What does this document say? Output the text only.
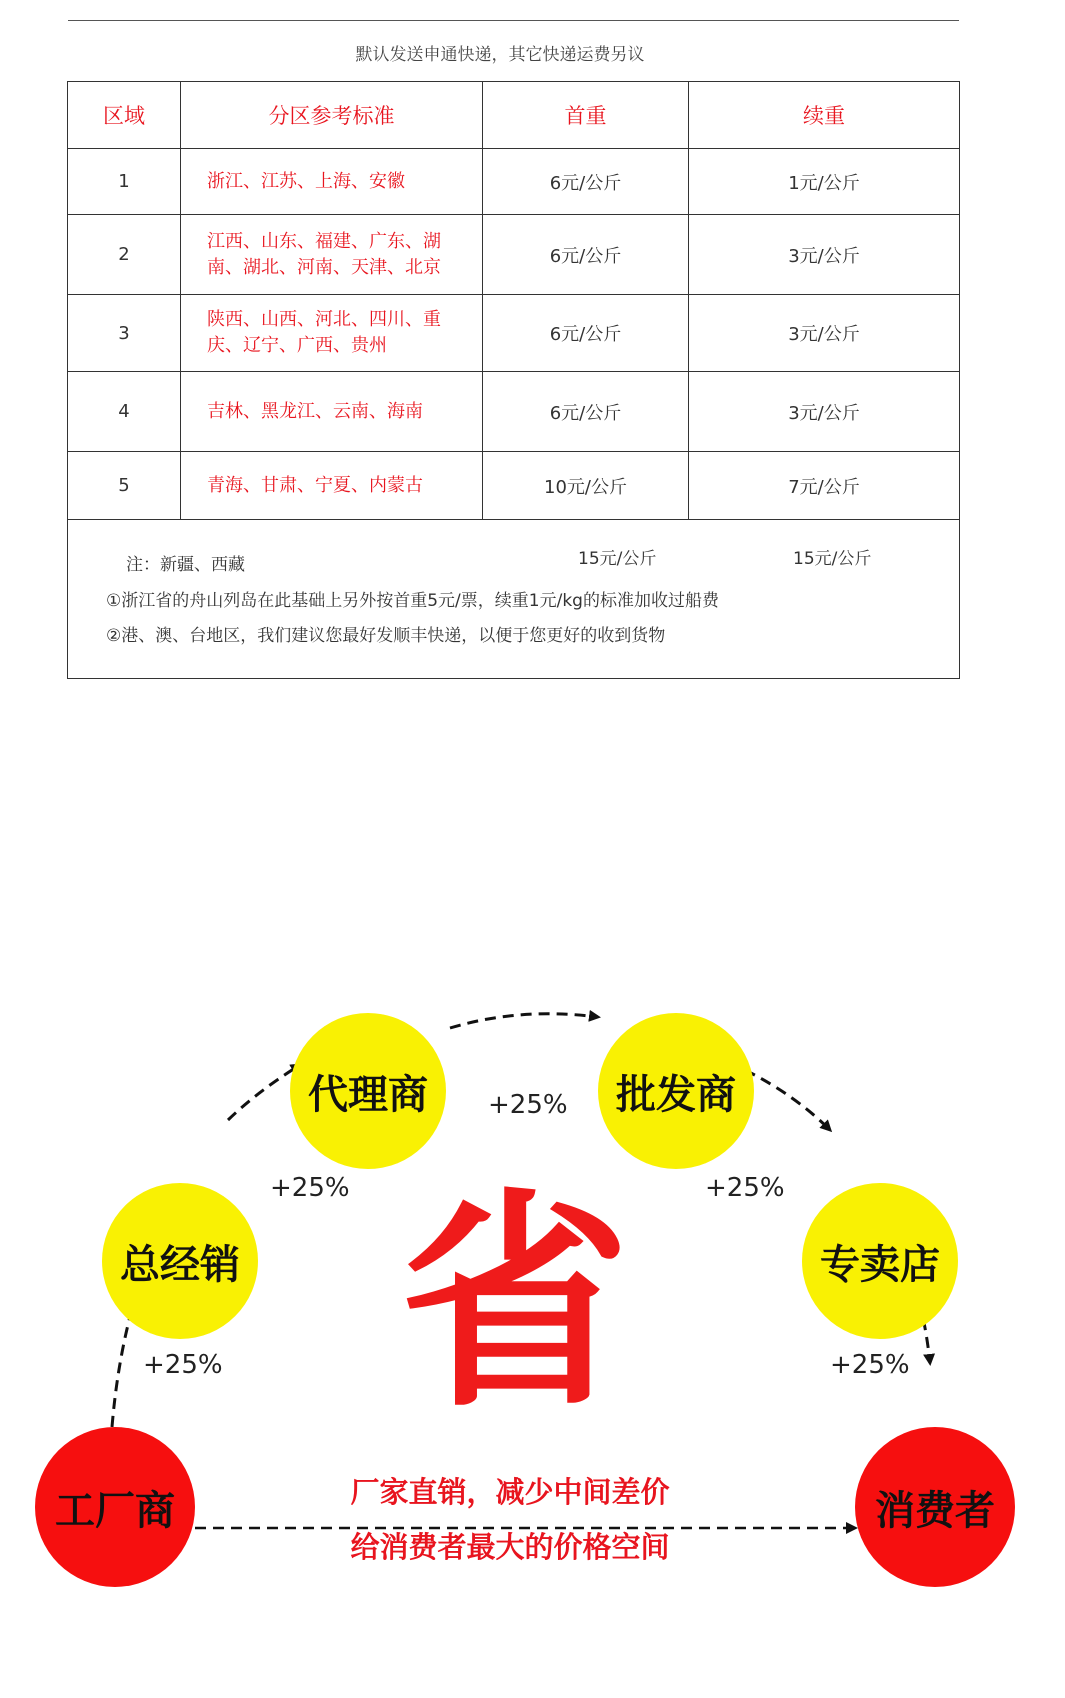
默认发送申通快递，其它快递运费另议
区域	分区参考标准	首重	续重
1	浙江、江苏、上海、安徽	6元/公斤	1元/公斤
2	江西、山东、福建、广东、湖南、湖北、河南、天津、北京	6元/公斤	3元/公斤
3	陕西、山西、河北、四川、重庆、辽宁、广西、贵州	6元/公斤	3元/公斤
4	吉林、黑龙江、云南、海南	6元/公斤	3元/公斤
5	青海、甘肃、宁夏、内蒙古	10元/公斤	7元/公斤

注：新疆、西藏 15元/公斤 15元/公斤
①浙江省的舟山列岛在此基础上另外按首重5元/票，续重1元/kg的标准加收过船费
②港、澳、台地区，我们建议您最好发顺丰快递，以便于您更好的收到货物			
代理商	批发商
总经销	专卖店
工厂商	消费者
+25%
+25%	+25%
+25%	+25%
省
厂家直销，减少中间差价
给消费者最大的价格空间
